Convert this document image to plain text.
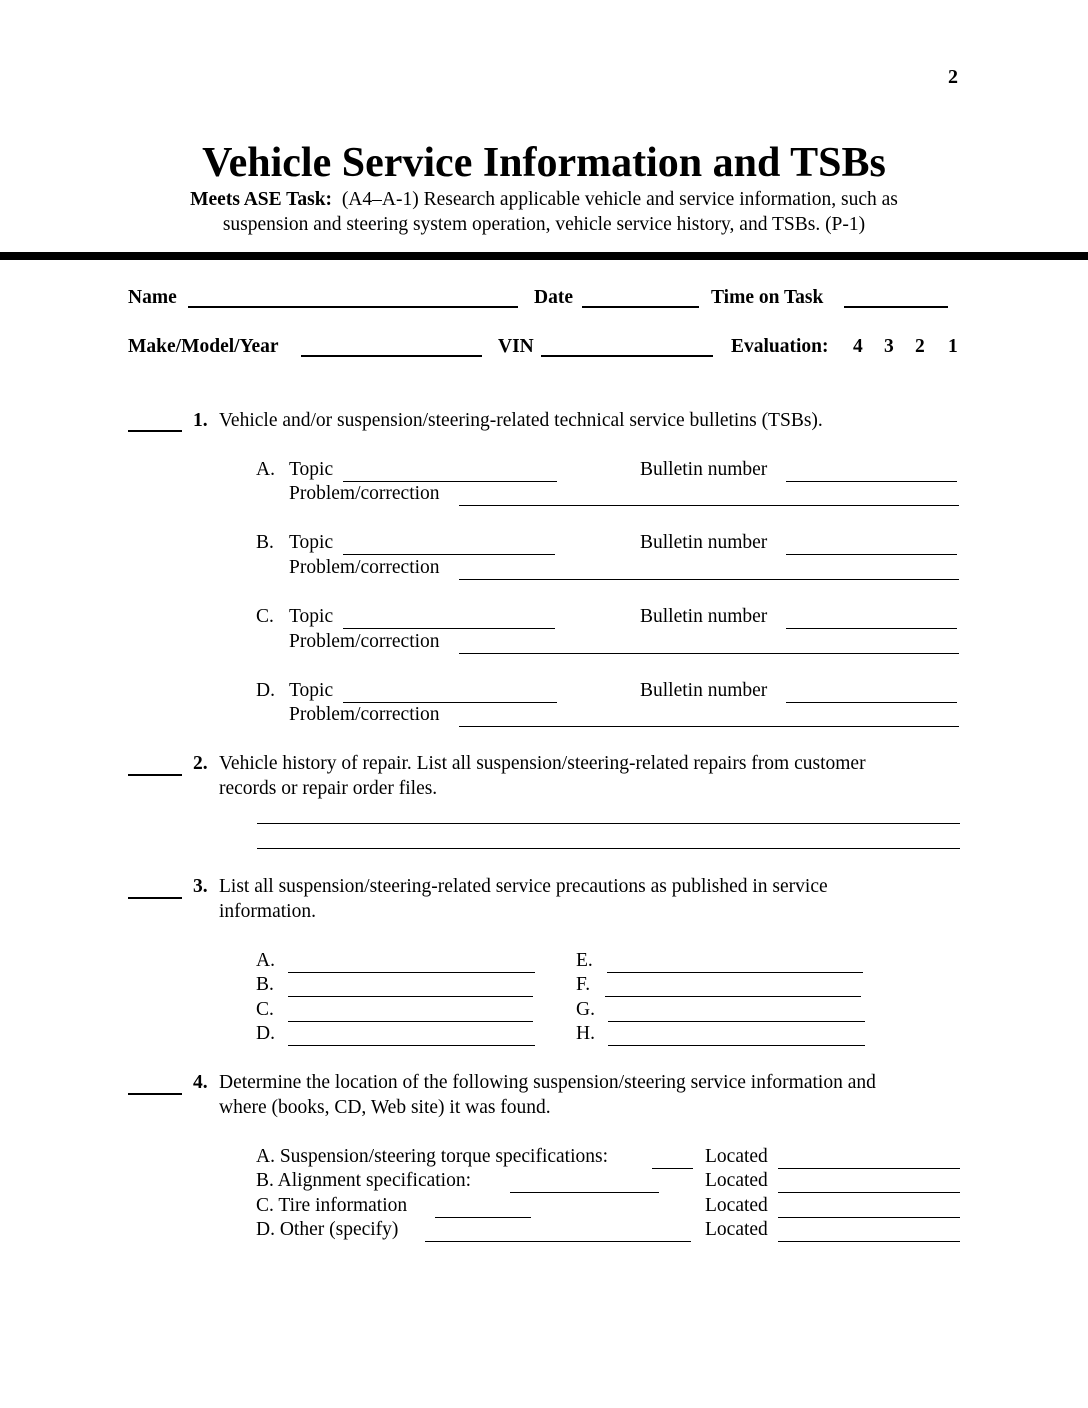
2
Vehicle Service Information and TSBs
Meets ASE Task: (A4–A-1) Research applicable vehicle and service information, such as
suspension and steering system operation, vehicle service history, and TSBs. (P-1)
Name	Date	Time on Task
Make/Model/Year	VIN	Evaluation: 4 3 2 1
1. Vehicle and/or suspension/steering-related technical service bulletins (TSBs).
A. Topic	Bulletin number
Problem/correction
B. Topic	Bulletin number
Problem/correction
C. Topic	Bulletin number
Problem/correction
D. Topic	Bulletin number
Problem/correction
2. Vehicle history of repair. List all suspension/steering-related repairs from customer
records or repair order files.
3. List all suspension/steering-related service precautions as published in service
information.
A.
B.
C.
D.
E.
F.
G.
H.
4. Determine the location of the following suspension/steering service information and
where (books, CD, Web site) it was found.
A. Suspension/steering torque specifications:	Located
B. Alignment specification:	Located
C. Tire information	Located
D. Other (specify)	Located
